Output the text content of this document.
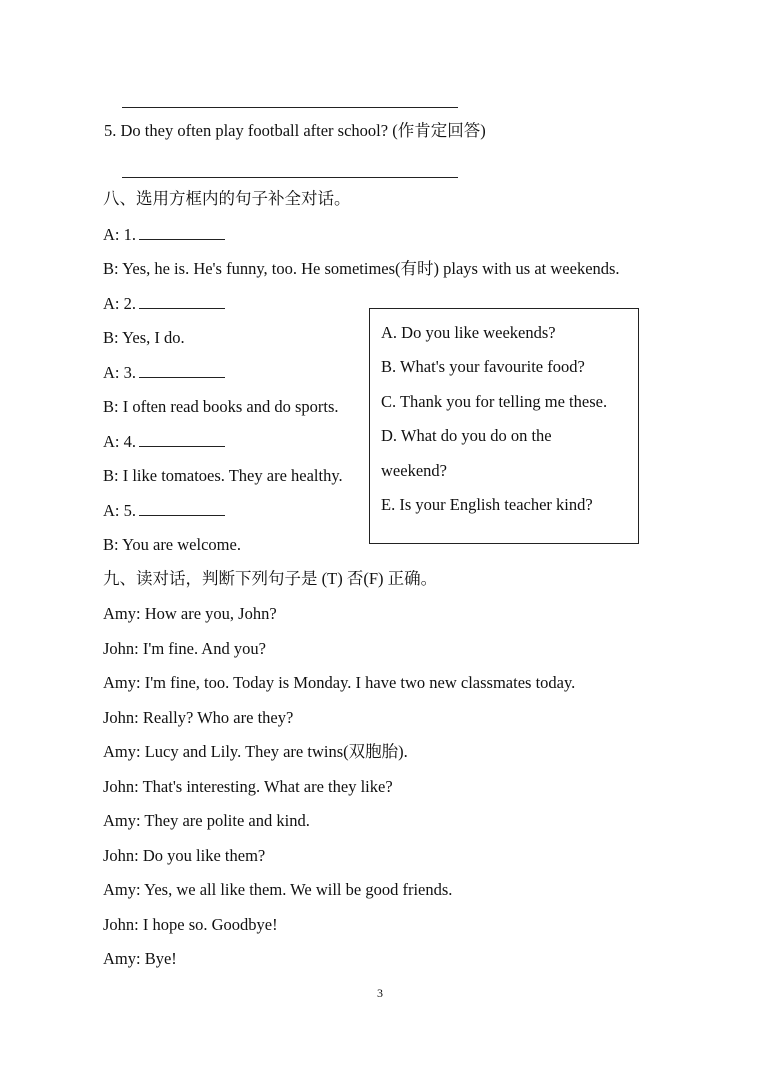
5. Do they often play football after school? (作肯定回答)
八、选用方框内的句子补全对话。
A: 1.
B: Yes, he is. He's funny, too. He sometimes(有时) plays with us at weekends.
A: 2.
B: Yes, I do.
A: 3.
B: I often read books and do sports.
A: 4.
B: I like tomatoes. They are healthy.
A: 5.
B: You are welcome.
A. Do you like weekends?
B. What's your favourite food?
C. Thank you for telling me these.
D. What do you do on the
weekend?
E. Is your English teacher kind?
九、读对话，判断下列句子是 (T) 否(F) 正确。
Amy: How are you, John?
John: I'm fine. And you?
Amy: I'm fine, too. Today is Monday. I have two new classmates today.
John: Really? Who are they?
Amy: Lucy and Lily. They are twins(双胞胎).
John: That's interesting. What are they like?
Amy: They are polite and kind.
John: Do you like them?
Amy: Yes, we all like them. We will be good friends.
John: I hope so. Goodbye!
Amy: Bye!
3
